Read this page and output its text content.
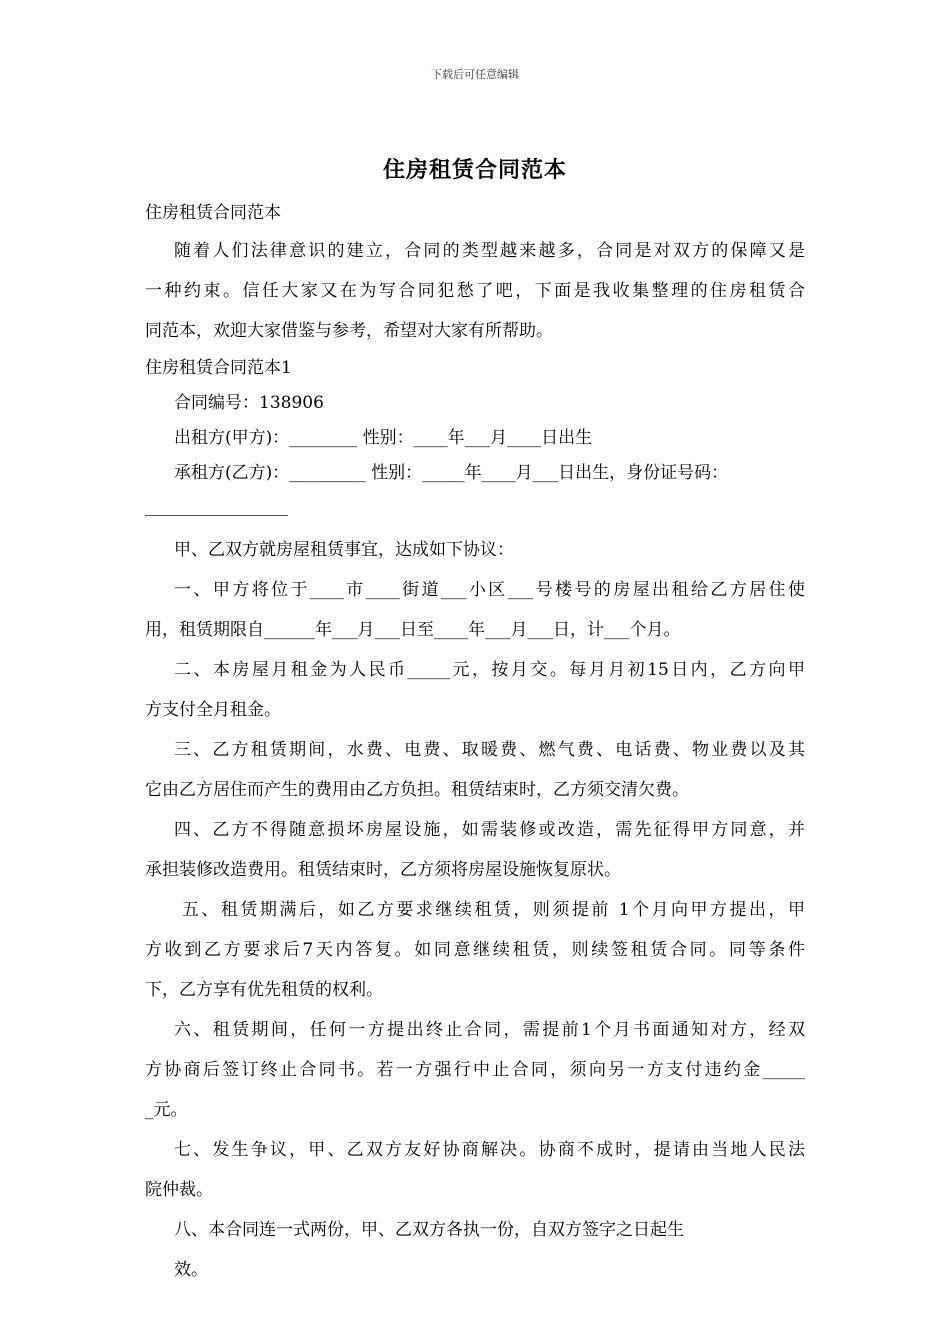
下载后可任意编辑
住房租赁合同范本
住房租赁合同范本
随着人们法律意识的建立，合同的类型越来越多，合同是对双方的保障又是
一种约束。信任大家又在为写合同犯愁了吧，下面是我收集整理的住房租赁合
同范本，欢迎大家借鉴与参考，希望对大家有所帮助。
住房租赁合同范本1
合同编号：138906
出租方(甲方)：________ 性别：____年___月____日出生
承租方(乙方)：_________ 性别：_____年____月___日出生，身份证号码：
甲、乙双方就房屋租赁事宜，达成如下协议：
一、甲方将位于____市____街道___小区___号楼号的房屋出租给乙方居住使
用，租赁期限自______年___月___日至____年___月___日，计___个月。
二、本房屋月租金为人民币_____元，按月交。每月月初15日内，乙方向甲
方支付全月租金。
三、乙方租赁期间，水费、电费、取暖费、燃气费、电话费、物业费以及其
它由乙方居住而产生的费用由乙方负担。租赁结束时，乙方须交清欠费。
四、乙方不得随意损坏房屋设施，如需装修或改造，需先征得甲方同意，并
承担装修改造费用。租赁结束时，乙方须将房屋设施恢复原状。
五、租赁期满后，如乙方要求继续租赁，则须提前 1个月向甲方提出，甲
方收到乙方要求后7天内答复。如同意继续租赁，则续签租赁合同。同等条件
下，乙方享有优先租赁的权利。
六、租赁期间，任何一方提出终止合同，需提前1个月书面通知对方，经双
方协商后签订终止合同书。若一方强行中止合同，须向另一方支付违约金_____
_元。
七、发生争议，甲、乙双方友好协商解决。协商不成时，提请由当地人民法
院仲裁。
八、本合同连一式两份，甲、乙双方各执一份，自双方签字之日起生
效。
